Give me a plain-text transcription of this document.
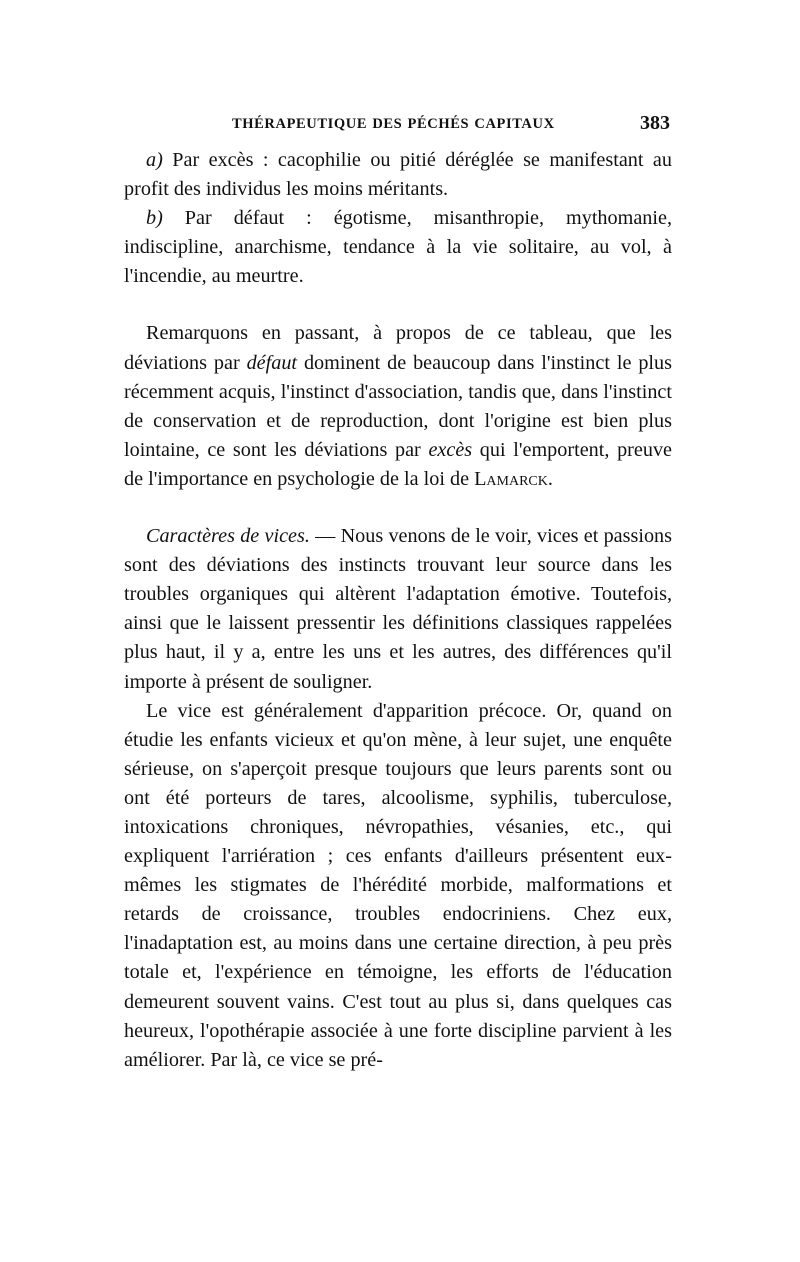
THÉRAPEUTIQUE DES PÉCHÉS CAPITAUX	383

a) Par excès : cacophilie ou pitié déréglée se manifestant au profit des individus les moins méritants.

b) Par défaut : égotisme, misanthropie, mythomanie, indiscipline, anarchisme, tendance à la vie solitaire, au vol, à l'incendie, au meurtre.

Remarquons en passant, à propos de ce tableau, que les déviations par défaut dominent de beaucoup dans l'instinct le plus récemment acquis, l'instinct d'association, tandis que, dans l'instinct de conservation et de reproduction, dont l'origine est bien plus lointaine, ce sont les déviations par excès qui l'emportent, preuve de l'importance en psychologie de la loi de Lamarck.

Caractères de vices. — Nous venons de le voir, vices et passions sont des déviations des instincts trouvant leur source dans les troubles organiques qui altèrent l'adaptation émotive. Toutefois, ainsi que le laissent pressentir les définitions classiques rappelées plus haut, il y a, entre les uns et les autres, des différences qu'il importe à présent de souligner.

Le vice est généralement d'apparition précoce. Or, quand on étudie les enfants vicieux et qu'on mène, à leur sujet, une enquête sérieuse, on s'aperçoit presque toujours que leurs parents sont ou ont été porteurs de tares, alcoolisme, syphilis, tuberculose, intoxications chroniques, névropathies, vésanies, etc., qui expliquent l'arriération ; ces enfants d'ailleurs présentent eux-mêmes les stigmates de l'hérédité morbide, malformations et retards de croissance, troubles endocriniens. Chez eux, l'inadaptation est, au moins dans une certaine direction, à peu près totale et, l'expérience en témoigne, les efforts de l'éducation demeurent souvent vains. C'est tout au plus si, dans quelques cas heureux, l'opothérapie associée à une forte discipline parvient à les améliorer. Par là, ce vice se pré-
